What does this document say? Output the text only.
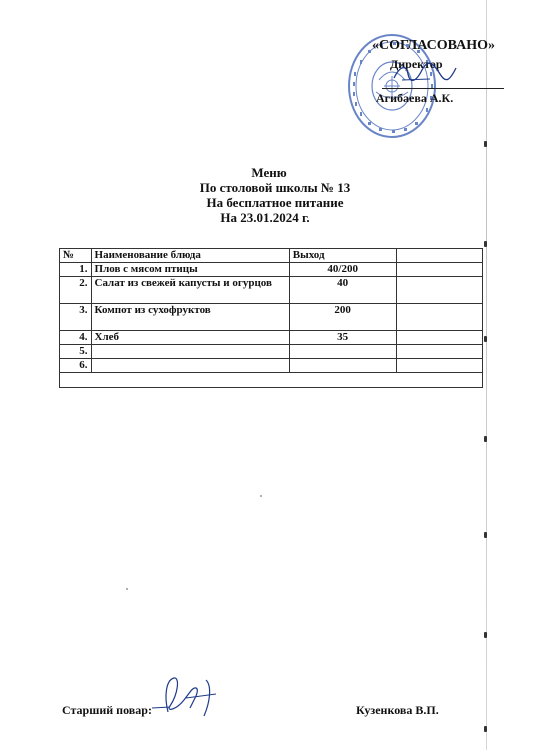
«СОГЛАСОВАНО»
Директор
Агибаева А.К.
Меню
По столовой школы № 13
На бесплатное питание
На 23.01.2024 г.
№	Наименование блюда	Выход	
1.	Плов с мясом птицы	40/200	
2.	Салат из свежей капусты и огурцов	40	
3.	Компот из сухофруктов	200	
4.	Хлеб	35	
5.			
6.			

Старший повар:	Кузенкова В.П.
